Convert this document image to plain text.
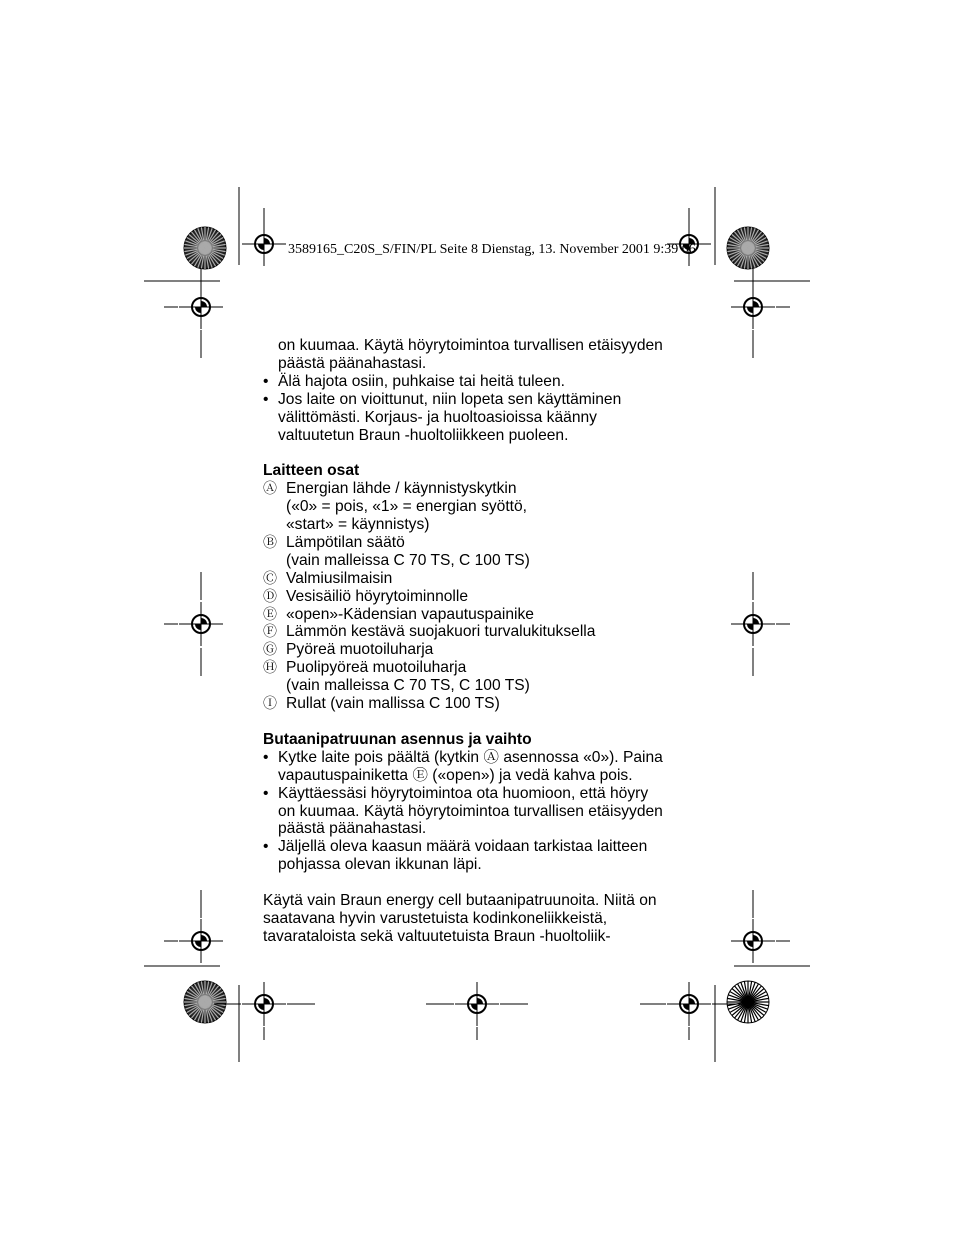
3589165_C20S_S/FIN/PL Seite 8 Dienstag, 13. November 2001 9:39 06

on kuumaa. Käytä höyrytoimintoa turvallisen etäisyyden

päästä päänahastasi.

• Älä hajota osiin, puhkaise tai heitä tuleen.
• Jos laite on vioittunut, niin lopeta sen käyttäminen
välittömästi. Korjaus- ja huoltoasioissa käänny
valtuutetun Braun -huoltoliikkeen puoleen.

Laitteen osat

Ⓐ Energian lähde / käynnistyskytkin
(«0» = pois, «1» = energian syöttö,
«start» = käynnistys)
Ⓑ Lämpötilan säätö
(vain malleissa C 70 TS, C 100 TS)
Ⓒ Valmiusilmaisin
Ⓓ Vesisäiliö höyrytoiminnolle
Ⓔ «open»-Kädensian vapautuspainike
Ⓕ Lämmön kestävä suojakuori turvalukituksella
Ⓖ Pyöreä muotoiluharja
Ⓗ Puolipyöreä muotoiluharja
(vain malleissa C 70 TS, C 100 TS)
Ⓘ Rullat (vain mallissa C 100 TS)

Butaanipatruunan asennus ja vaihto

• Kytke laite pois päältä (kytkin Ⓐ asennossa «0»). Paina
vapautuspainiketta Ⓔ («open») ja vedä kahva pois.
• Käyttäessäsi höyrytoimintoa ota huomioon, että höyry
on kuumaa. Käytä höyrytoimintoa turvallisen etäisyyden
päästä päänahastasi.
• Jäljellä oleva kaasun määrä voidaan tarkistaa laitteen
pohjassa olevan ikkunan läpi.

Käytä vain Braun energy cell butaanipatruunoita. Niitä on

saatavana hyvin varustetuista kodinkoneliikkeistä,

tavarataloista sekä valtuutetuista Braun -huoltoliik-
